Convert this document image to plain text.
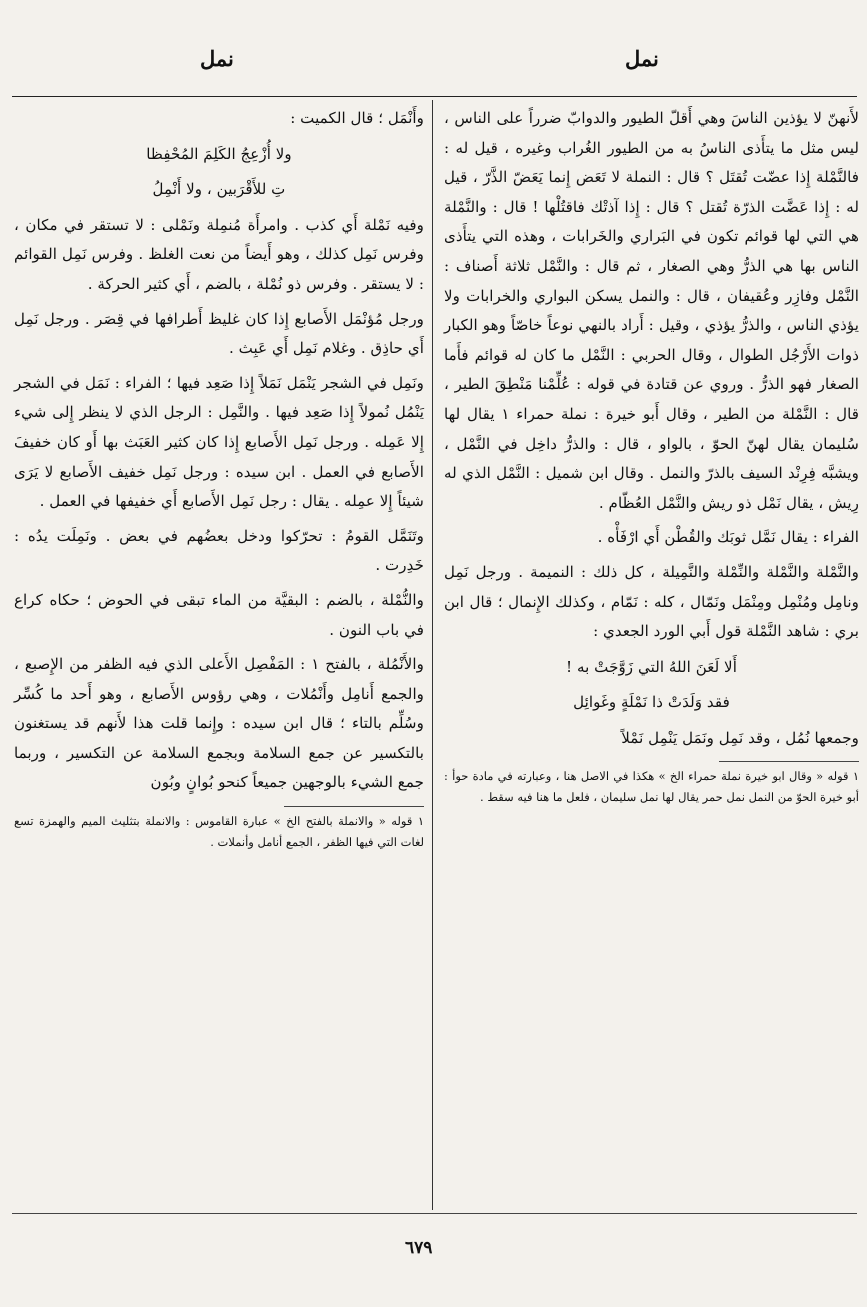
نمل
نمل

لأَنهنّ لا يؤذين الناسَ وهي أَقلّ الطيور والدوابّ ضرراً على الناس ، ليس مثل ما يتأَذى الناسُ به من الطيور الغُراب وغيره ، قيل له : فالنَّمْلة إِذا عضّت تُقتَل ؟ قال : النملة لا تَعَض إِنما يَعَضّ الذَّرّ ، قيل له : إِذا عَضَّت الذرّة تُقتل ؟ قال : إِذا آذتْك فاقتُلْها ! قال : والنَّمْلة هي التي لها قوائم تكون في البَراري والخَرابات ، وهذه التي يتأَذى الناس بها هي الذرُّ وهي الصغار ، ثم قال : والنَّمْل ثلاثة أَصناف : النَّمْل وفازِر وعُقيفان ، قال : والنمل يسكن البواري والخرابات ولا يؤذي الناس ، والذرُّ يؤذي ، وقيل : أَراد بالنهي نوعاً خاصّاً وهو الكبار ذوات الأَرْجُل الطوال ، وقال الحربي : النَّمْل ما كان له قوائم فأَما الصغار فهو الذرُّ . وروي عن قتادة في قوله : عُلِّمْنا مَنْطِقَ الطير ، قال : النَّمْلة من الطير ، وقال أَبو خيرة : نملة حمراء ١ يقال لها سُليمان يقال لهنّ الحوّ ، بالواو ، قال : والذرُّ داخِل في النَّمْل ، ويشبَّه فِرِنْد السيف بالذرّ والنمل . وقال ابن شميل : النَّمْل الذي له رِيش ، يقال نَمْل ذو ريش والنَّمْل العُظّام .

الفراء : يقال نَمَّل ثوبَك والقُطْن أَي ارْفَأْه .

والنَّمْلة والنَّمْلة والنِّمْلة والنَّمِيلة ، كل ذلك : النميمة . ورجل نَمِل ونامِل ومُنْمِل ومِنْمَل ونَمّال ، كله : نَمّام ، وكذلك الإِنمال ؛ قال ابن بري : شاهد النَّمْلة قول أَبي الورد الجعدي :

أَلا لَعَنَ اللهُ التي زَوَّجَتْ به !

فقد وَلَدَتْ ذا نَمْلَةٍ وغَوائِل

وجمعها نُمُل ، وقد نَمِل ونَمَل يَنْمِل نَمْلاً

١ قوله « وقال ابو خيرة نملة حمراء الخ » هكذا في الاصل هنا ، وعبارته في مادة حوأ : أبو خيرة الحوّ من النمل نمل حمر يقال لها نمل سليمان ، فلعل ما هنا فيه سقط .

وأَنْمَل ؛ قال الكميت :

ولا أُزْعِجُ الكَلِمَ المُحْفِظا

تِ للأَقْرَبين ، ولا أَنْمِلُ

وفيه نَمْلة أَي كذب . وامرأَة مُنمِلة ونَمْلى : لا تستقر في مكان ، وفرس نَمِل كذلك ، وهو أَيضاً من نعت الغلظ . وفرس نَمِل القوائم : لا يستقر . وفرس ذو نُمْلة ، بالضم ، أَي كثير الحركة .

ورجل مُؤنْمَل الأَصابع إِذا كان غليظ أَطرافها في قِصَر . ورجل نَمِل أَي حاذِق . وغلام نَمِل أَي عَبِث .

ونَمِل في الشجر يَنْمَل نَمَلاً إِذا صَعِد فيها ؛ الفراء : نَمَل في الشجر يَنْمُل نُمولاً إِذا صَعِد فيها . والنَّمِل : الرجل الذي لا ينظر إِلى شيء إِلا عَمِله . ورجل نَمِل الأَصابع إِذا كان كثير العَبَث بها أَو كان خفيفَ الأَصابع في العمل . ابن سيده : ورجل نَمِل خفيف الأَصابع لا يَرَى شيئاً إِلا عمِله . يقال : رجل نَمِل الأَصابع أَي خفيفها في العمل .

وتَنَمَّل القومُ : تحرّكوا ودخل بعضُهم في بعض . ونَمِلَت يدُه : خَدِرت .

والنُّمْلة ، بالضم : البقيَّة من الماء تبقى في الحوض ؛ حكاه كراع في باب النون .

والأَنْمُلة ، بالفتح ١ : المَفْصِل الأَعلى الذي فيه الظفر من الإِصبع ، والجمع أَنامِل وأَنْمُلات ، وهي رؤوس الأَصابع ، وهو أَحد ما كُسِّر وسُلِّم بالتاء ؛ قال ابن سيده : وإِنما قلت هذا لأَنهم قد يستغنون بالتكسير عن جمع السلامة وبجمع السلامة عن التكسير ، وربما جمع الشيء بالوجهين جميعاً كنحو بُوانٍ وبُون

١ قوله « والانملة بالفتح الخ » عبارة القاموس : والانملة بتثليث الميم والهمزة تسع لغات التي فيها الظفر ، الجمع أنامل وأنملات .

٦٧٩
